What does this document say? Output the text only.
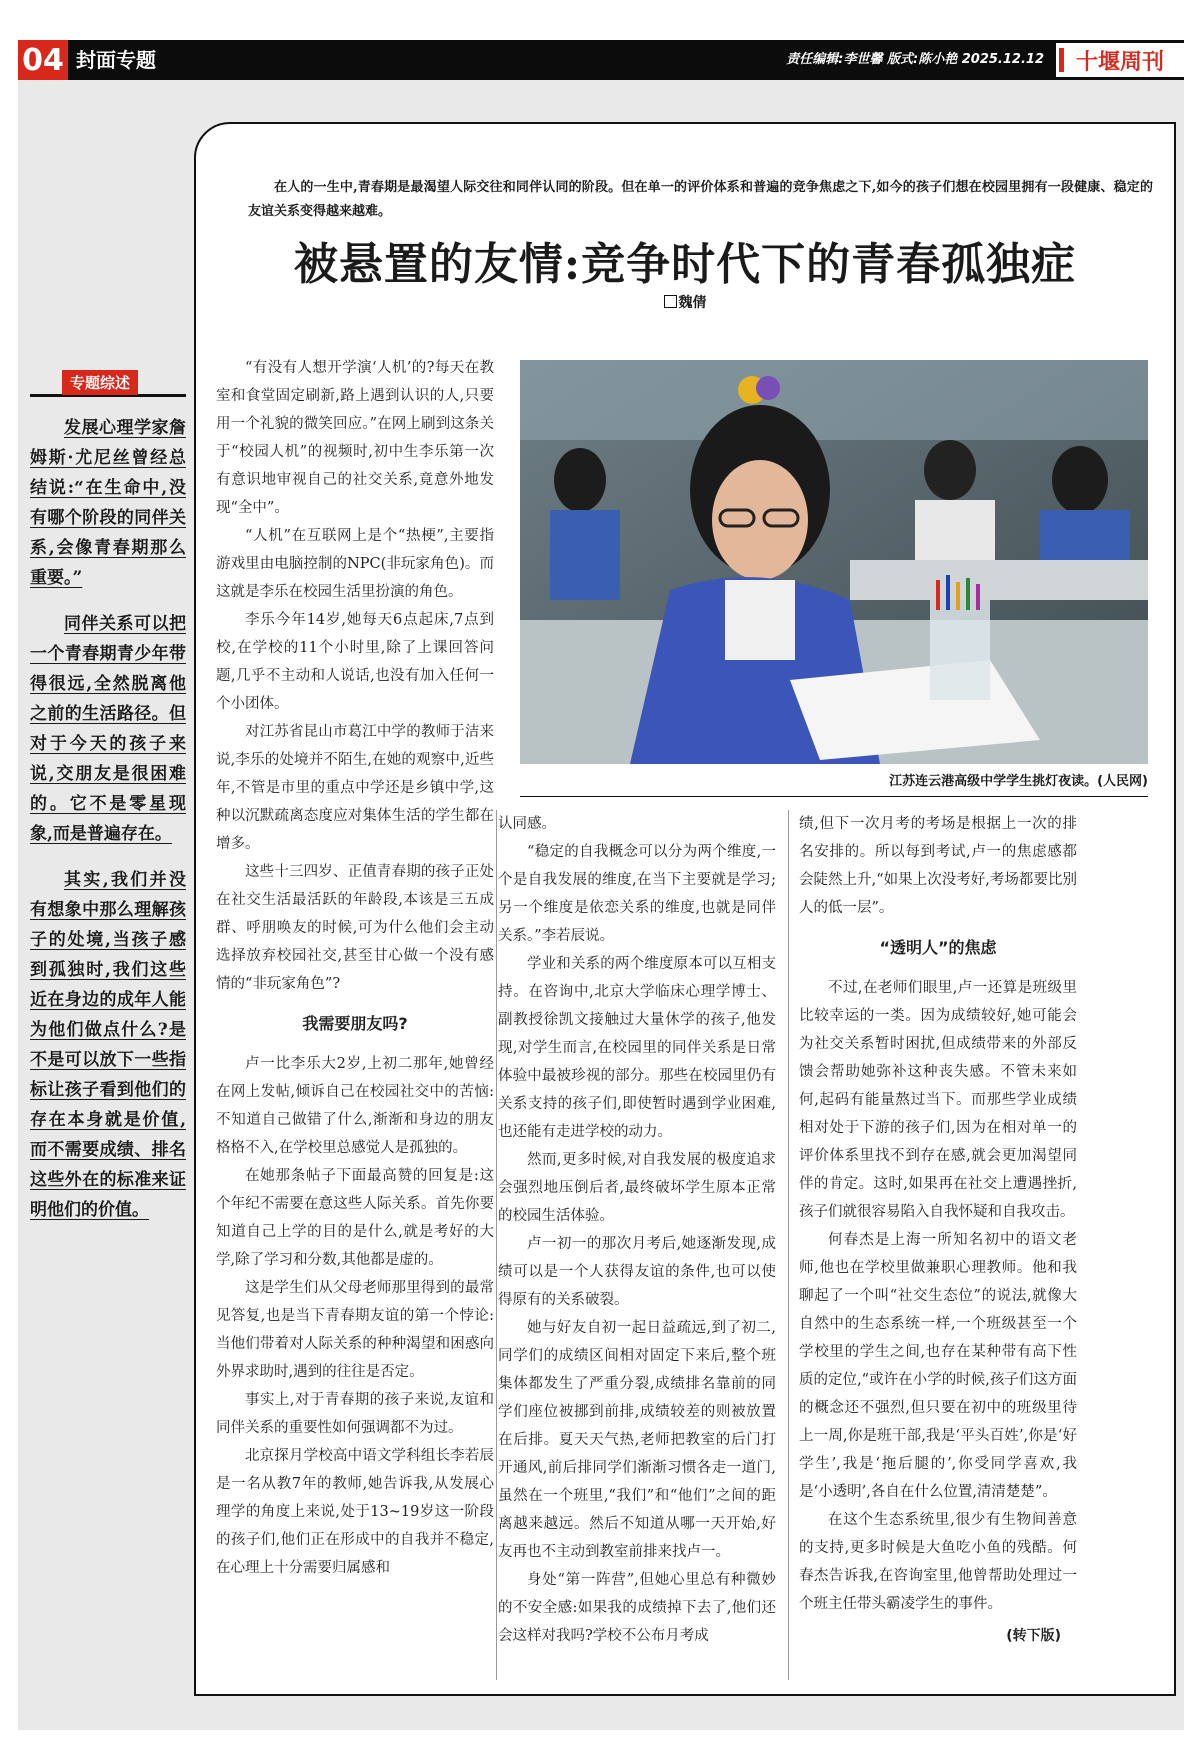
04 封面专题	责任编辑:李世馨 版式:陈小艳 2025.12.12 十堰周刊
专题综述

发展心理学家詹姆斯·尤尼丝曾经总结说:“在生命中,没有哪个阶段的同伴关系,会像青春期那么重要。”

同伴关系可以把一个青春期青少年带得很远,全然脱离他之前的生活路径。但对于今天的孩子来说,交朋友是很困难的。它不是零星现象,而是普遍存在。

其实,我们并没有想象中那么理解孩子的处境,当孩子感到孤独时,我们这些近在身边的成年人能为他们做点什么?是不是可以放下一些指标让孩子看到他们的存在本身就是价值,而不需要成绩、排名这些外在的标准来证明他们的价值。

在人的一生中,青春期是最渴望人际交往和同伴认同的阶段。但在单一的评价体系和普遍的竞争焦虑之下,如今的孩子们想在校园里拥有一段健康、稳定的友谊关系变得越来越难。
被悬置的友情:竞争时代下的青春孤独症
魏倩

“有没有人想开学演‘人机’的?每天在教室和食堂固定刷新,路上遇到认识的人,只要用一个礼貌的微笑回应。”在网上刷到这条关于“校园人机”的视频时,初中生李乐第一次有意识地审视自己的社交关系,竟意外地发现“全中”。

“人机”在互联网上是个“热梗”,主要指游戏里由电脑控制的NPC(非玩家角色)。而这就是李乐在校园生活里扮演的角色。

李乐今年14岁,她每天6点起床,7点到校,在学校的11个小时里,除了上课回答问题,几乎不主动和人说话,也没有加入任何一个小团体。

对江苏省昆山市葛江中学的教师于洁来说,李乐的处境并不陌生,在她的观察中,近些年,不管是市里的重点中学还是乡镇中学,这种以沉默疏离态度应对集体生活的学生都在增多。

这些十三四岁、正值青春期的孩子正处在社交生活最活跃的年龄段,本该是三五成群、呼朋唤友的时候,可为什么他们会主动选择放弃校园社交,甚至甘心做一个没有感情的“非玩家角色”?

我需要朋友吗?

卢一比李乐大2岁,上初二那年,她曾经在网上发帖,倾诉自己在校园社交中的苦恼:不知道自己做错了什么,渐渐和身边的朋友格格不入,在学校里总感觉人是孤独的。

在她那条帖子下面最高赞的回复是:这个年纪不需要在意这些人际关系。首先你要知道自己上学的目的是什么,就是考好的大学,除了学习和分数,其他都是虚的。

这是学生们从父母老师那里得到的最常见答复,也是当下青春期友谊的第一个悖论:当他们带着对人际关系的种种渴望和困惑向外界求助时,遇到的往往是否定。

事实上,对于青春期的孩子来说,友谊和同伴关系的重要性如何强调都不为过。

北京探月学校高中语文学科组长李若辰是一名从教7年的教师,她告诉我,从发展心理学的角度上来说,处于13~19岁这一阶段的孩子们,他们正在形成中的自我并不稳定,在心理上十分需要归属感和

江苏连云港高级中学学生挑灯夜读。(人民网)

认同感。

“稳定的自我概念可以分为两个维度,一个是自我发展的维度,在当下主要就是学习;另一个维度是依恋关系的维度,也就是同伴关系。”李若辰说。

学业和关系的两个维度原本可以互相支持。在咨询中,北京大学临床心理学博士、副教授徐凯文接触过大量休学的孩子,他发现,对学生而言,在校园里的同伴关系是日常体验中最被珍视的部分。那些在校园里仍有关系支持的孩子们,即使暂时遇到学业困难,也还能有走进学校的动力。

然而,更多时候,对自我发展的极度追求会强烈地压倒后者,最终破坏学生原本正常的校园生活体验。

卢一初一的那次月考后,她逐渐发现,成绩可以是一个人获得友谊的条件,也可以使得原有的关系破裂。

她与好友自初一起日益疏远,到了初二,同学们的成绩区间相对固定下来后,整个班集体都发生了严重分裂,成绩排名靠前的同学们座位被挪到前排,成绩较差的则被放置在后排。夏天天气热,老师把教室的后门打开通风,前后排同学们渐渐习惯各走一道门,虽然在一个班里,“我们”和“他们”之间的距离越来越远。然后不知道从哪一天开始,好友再也不主动到教室前排来找卢一。

身处“第一阵营”,但她心里总有种微妙的不安全感:如果我的成绩掉下去了,他们还会这样对我吗?学校不公布月考成

绩,但下一次月考的考场是根据上一次的排名安排的。所以每到考试,卢一的焦虑感都会陡然上升,“如果上次没考好,考场都要比别人的低一层”。

“透明人”的焦虑

不过,在老师们眼里,卢一还算是班级里比较幸运的一类。因为成绩较好,她可能会为社交关系暂时困扰,但成绩带来的外部反馈会帮助她弥补这种丧失感。不管未来如何,起码有能量熬过当下。而那些学业成绩相对处于下游的孩子们,因为在相对单一的评价体系里找不到存在感,就会更加渴望同伴的肯定。这时,如果再在社交上遭遇挫折,孩子们就很容易陷入自我怀疑和自我攻击。

何春杰是上海一所知名初中的语文老师,他也在学校里做兼职心理教师。他和我聊起了一个叫“社交生态位”的说法,就像大自然中的生态系统一样,一个班级甚至一个学校里的学生之间,也存在某种带有高下性质的定位,“或许在小学的时候,孩子们这方面的概念还不强烈,但只要在初中的班级里待上一周,你是班干部,我是‘平头百姓’,你是‘好学生’,我是‘拖后腿的’,你受同学喜欢,我是‘小透明’,各自在什么位置,清清楚楚”。

在这个生态系统里,很少有生物间善意的支持,更多时候是大鱼吃小鱼的残酷。何春杰告诉我,在咨询室里,他曾帮助处理过一个班主任带头霸凌学生的事件。

(转下版)
